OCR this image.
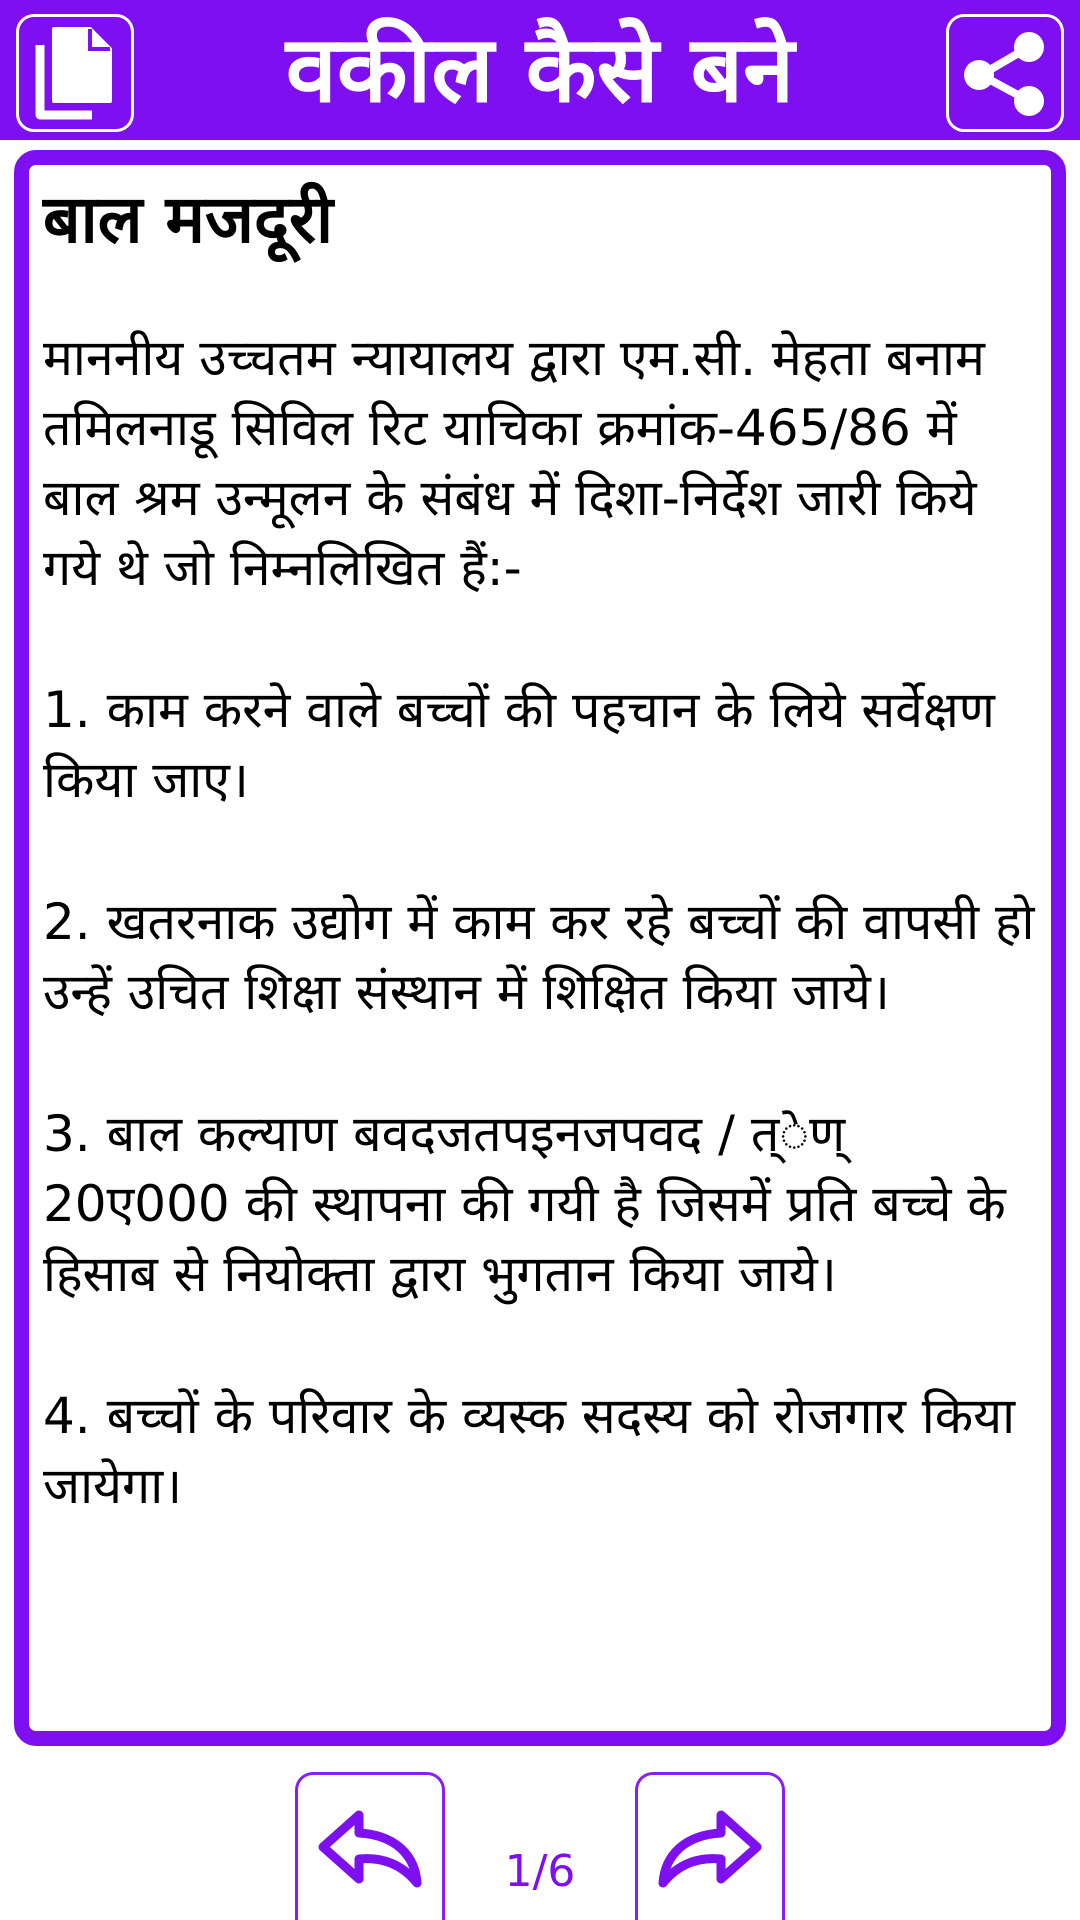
वकील कैसे बने
बाल मजदूरी

माननीय उच्चतम न्यायालय द्वारा एम.सी. मेहता बनाम तमिलनाडू सिविल रिट याचिका क्रमांक-465/86 में बाल श्रम उन्मूलन के संबंध में दिशा-निर्देश जारी किये गये थे जो निम्नलिखित हैं:-

1. काम करने वाले बच्चों की पहचान के लिये सर्वेक्षण किया जाए।

2. खतरनाक उद्योग में काम कर रहे बच्चों की वापसी हो उन्हें उचित शिक्षा संस्थान में शिक्षित किया जाये।

3. बाल कल्याण बवदजतपइनजपवद / त्ेण् 20ए000 की स्थापना की गयी है जिसमें प्रति बच्चे के हिसाब से नियोक्ता द्वारा भुगतान किया जाये।

4. बच्चों के परिवार के व्यस्क सदस्य को रोजगार किया जायेगा।

1/6
